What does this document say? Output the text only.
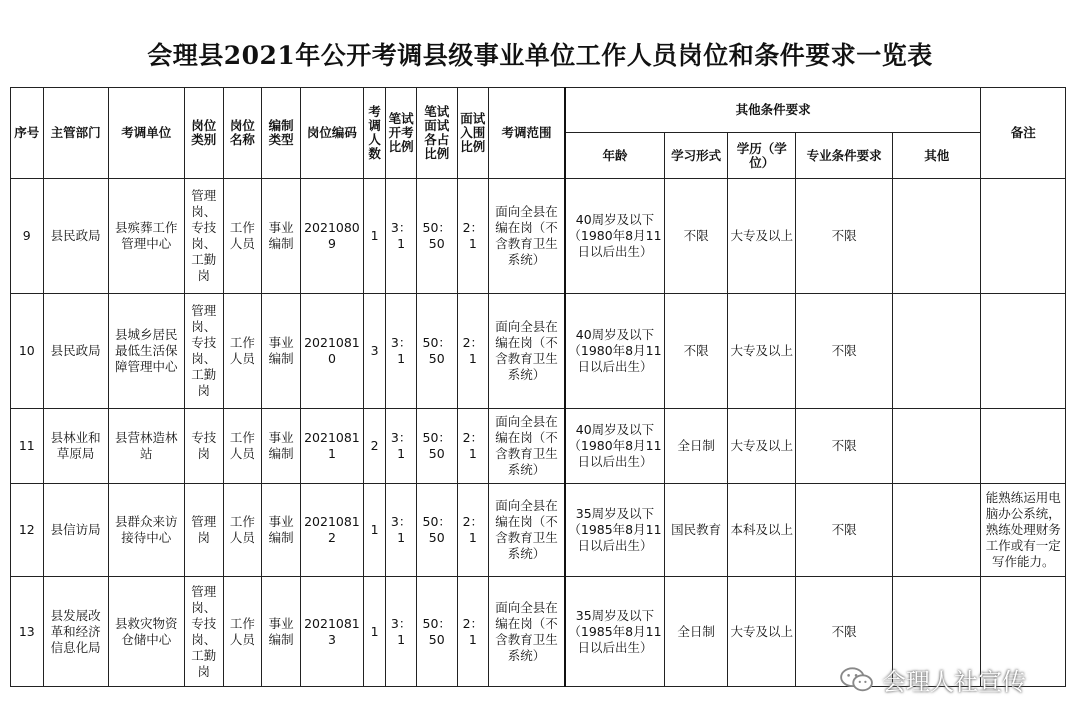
会理县2021年公开考调县级事业单位工作人员岗位和条件要求一览表
序号	主管部门	考调单位	岗位类别	岗位名称	编制类型	岗位编码	考调人数	笔试开考比例	笔试面试各占比例	面试入围比例	考调范围	其他条件要求					备注
												年龄	学习形式	学历（学位）	专业条件要求	其他	
9	县民政局	县殡葬工作管理中心	管理岗、专技岗、工勤岗	工作人员	事业编制	20210809	1	3：1	50：50	2：1	面向全县在编在岗（不含教育卫生系统）	40周岁及以下（1980年8月11日以后出生）	不限	大专及以上	不限		
10	县民政局	县城乡居民最低生活保障管理中心	管理岗、专技岗、工勤岗	工作人员	事业编制	20210810	3	3：1	50：50	2：1	面向全县在编在岗（不含教育卫生系统）	40周岁及以下（1980年8月11日以后出生）	不限	大专及以上	不限		
11	县林业和草原局	县营林造林站	专技岗	工作人员	事业编制	20210811	2	3：1	50：50	2：1	面向全县在编在岗（不含教育卫生系统）	40周岁及以下（1980年8月11日以后出生）	全日制	大专及以上	不限		
12	县信访局	县群众来访接待中心	管理岗	工作人员	事业编制	20210812	1	3：1	50：50	2：1	面向全县在编在岗（不含教育卫生系统）	35周岁及以下（1985年8月11日以后出生）	国民教育	本科及以上	不限		能熟练运用电脑办公系统，熟练处理财务工作或有一定写作能力。
13	县发展改革和经济信息化局	县救灾物资仓储中心	管理岗、专技岗、工勤岗	工作人员	事业编制	20210813	1	3：1	50：50	2：1	面向全县在编在岗（不含教育卫生系统）	35周岁及以下（1985年8月11日以后出生）	全日制	大专及以上	不限		
会理人社宣传
